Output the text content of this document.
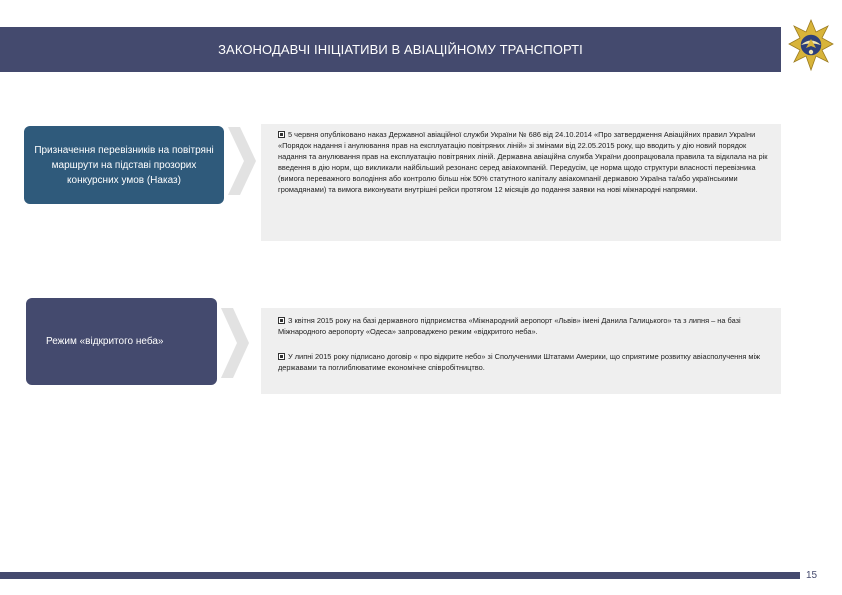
ЗАКОНОДАВЧІ ІНІЦІАТИВИ В АВІАЦІЙНОМУ ТРАНСПОРТІ
Призначення перевізників на повітряні маршрути на підставі прозорих конкурсних умов (Наказ)
5 червня опубліковано наказ Державної авіаційної служби України № 686 від 24.10.2014 «Про затвердження Авіаційних правил України «Порядок надання і анулювання прав на експлуатацію повітряних ліній» зі змінами від 22.05.2015 року, що вводить у дію новий порядок надання та анулювання прав на експлуатацію повітряних ліній. Державна авіаційна служба України доопрацювала правила та відклала на рік введення в дію норм, що викликали найбільший резонанс серед авіакомпаній. Передусім, це норма щодо структури власності перевізника (вимога переважного володіння або контролю більш ніж 50% статутного капіталу авіакомпанії державою Україна та/або українськими громадянами) та вимога виконувати внутрішні рейси протягом 12 місяців до подання заявки на нові міжнародні напрямки.
Режим «відкритого неба»
З квітня 2015 року на базі державного підприємства «Міжнародний аеропорт «Львів» імені Данила Галицького» та з липня – на базі Міжнародного аеропорту «Одеса» запроваджено режим «відкритого неба».
У липні 2015 року підписано договір « про відкрите небо» зі Сполученими Штатами Америки, що сприятиме розвитку авіасполучення між державами та поглиблюватиме економічне співробітництво.
15
